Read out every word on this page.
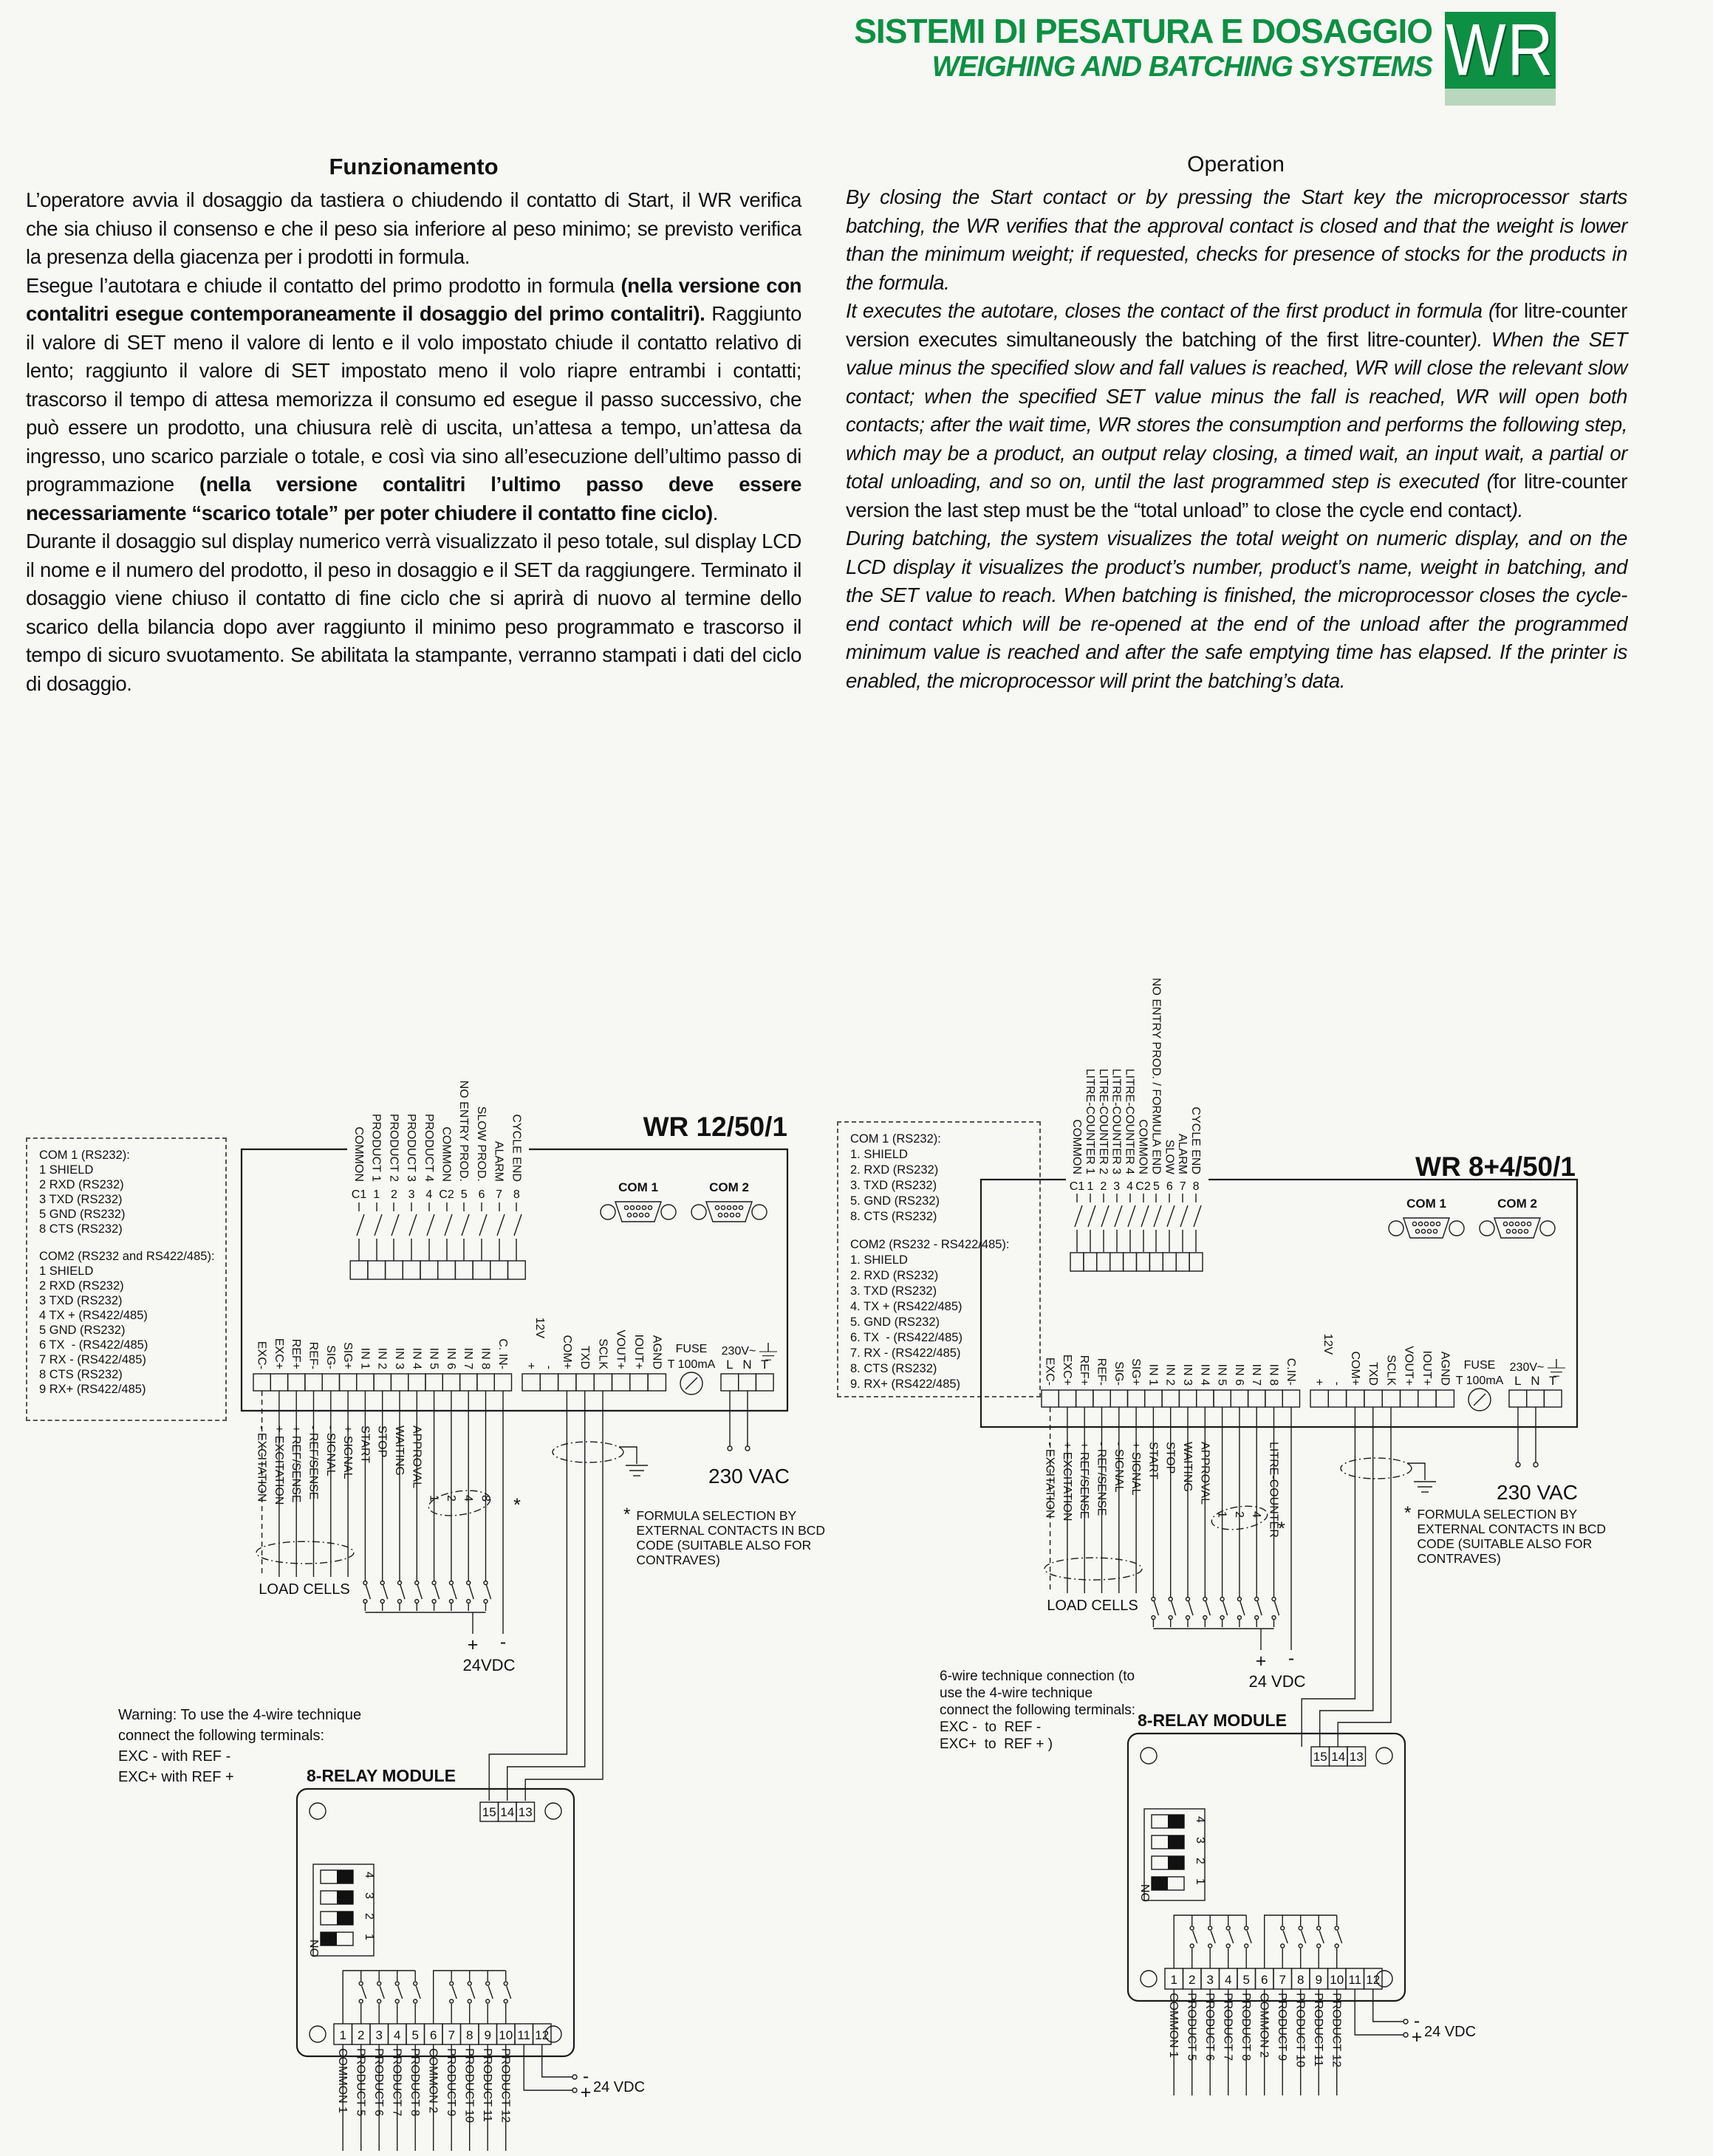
SISTEMI DI PESATURA E DOSAGGIO
WEIGHING AND BATCHING SYSTEMS WR
Funzionamento	Operation

L’operatore avvia il dosaggio da tastiera o chiudendo il contatto di Start, il WR verifica che sia chiuso il consenso e che il peso sia inferiore al peso minimo; se previsto verifica la presenza della giacenza per i prodotti in formula.

Esegue l’autotara e chiude il contatto del primo prodotto in formula (nella versione con contalitri esegue contemporaneamente il dosaggio del primo contalitri). Raggiunto il valore di SET meno il valore di lento e il volo impostato chiude il contatto relativo di lento; raggiunto il valore di SET impostato meno il volo riapre entrambi i contatti; trascorso il tempo di attesa memorizza il consumo ed esegue il passo successivo, che può essere un prodotto, una chiusura relè di uscita, un’attesa a tempo, un’attesa da ingresso, uno scarico parziale o totale, e così via sino all’esecuzione dell’ultimo passo di programmazione (nella versione contalitri l’ultimo passo deve essere necessariamente “scarico totale” per poter chiudere il contatto fine ciclo).

Durante il dosaggio sul display numerico verrà visualizzato il peso totale, sul display LCD il nome e il numero del prodotto, il peso in dosaggio e il SET da raggiungere. Terminato il dosaggio viene chiuso il contatto di fine ciclo che si aprirà di nuovo al termine dello scarico della bilancia dopo aver raggiunto il minimo peso programmato e trascorso il tempo di sicuro svuotamento. Se abilitata la stampante, verranno stampati i dati del ciclo di dosaggio.

By closing the Start contact or by pressing the Start key the microprocessor starts batching, the WR verifies that the approval contact is closed and that the weight is lower than the minimum weight; if requested, checks for presence of stocks for the products in the formula.

It executes the autotare, closes the contact of the first product in formula (for litre-counter version executes simultaneously the batching of the first litre-counter). When the SET value minus the specified slow and fall values is reached, WR will close the relevant slow contact; when the specified SET value minus the fall is reached, WR will open both contacts; after the wait time, WR stores the consumption and performs the following step, which may be a product, an output relay closing, a timed wait, an input wait, a partial or total unloading, and so on, until the last programmed step is executed (for litre-counter version the last step must be the “total unload” to close the cycle end contact).

During batching, the system visualizes the total weight on numeric display, and on the LCD display it visualizes the product’s number, product’s name, weight in batching, and the SET value to reach. When batching is finished, the microprocessor closes the cycle-end contact which will be re-opened at the end of the unload after the programmed minimum value is reached and after the safe emptying time has elapsed. If the printer is enabled, the microprocessor will print the batching’s data.

COM 1 (RS232):
1 SHIELD
2 RXD (RS232)
3 TXD (RS232)
5 GND (RS232)
8 CTS (RS232)
COM2 (RS232 and RS422/485):
1 SHIELD
2 RXD (RS232)
3 TXD (RS232)
4 TX + (RS422/485)
5 GND (RS232)
6 TX  - (RS422/485)
7 RX - (RS422/485)
8 CTS (RS232)
9 RX+ (RS422/485)
COM 1 (RS232):
1. SHIELD
2. RXD (RS232)
3. TXD (RS232)
5. GND (RS232)
8. CTS (RS232)
COM2 (RS232 - RS422/485):
1. SHIELD
2. RXD (RS232)
3. TXD (RS232)
4. TX + (RS422/485)
5. GND (RS232)
6. TX  - (RS422/485)
7. RX - (RS422/485)
8. CTS (RS232)
9. RX+ (RS422/485)

Warning: To use the 4-wire technique
connect the following terminals:
EXC - with REF -
EXC+ with REF +

6-wire technique connection (to
use the 4-wire technique
connect the following terminals:
EXC -  to  REF -
EXC+  to  REF + )

* FORMULA SELECTION BY
EXTERNAL CONTACTS IN BCD
CODE (SUITABLE ALSO FOR
CONTRAVES)
* FORMULA SELECTION BY
EXTERNAL CONTACTS IN BCD
CODE (SUITABLE ALSO FOR
CONTRAVES)
WR 12/50/1
COMMON PRODUCT 1 PRODUCT 2 PRODUCT 3 PRODUCT 4 COMMON NO ENTRY PROD. SLOW PROD. ALARM CYCLE END
C1 1 2 3 4 C2 5 6 7 8
COM 1	COM 2
EXC- EXC+ REF+ REF- SIG- SIG+ IN 1 IN 2 IN 3 IN 4 IN 5 IN 6 IN 7 IN 8 C. IN- + - COM+ TXD SCLK VOUT+ IOUT+ AGND
12V
L N T
230V~
FUSE
T 100mA
230 VAC
LOAD CELLS
+ -
24VDC
- EXCITATION + EXCITATION + REF/SENSE - REF/SENSE - SIGNAL + SIGNAL START STOP WAITING APPROVAL
1 2 4 8 *
8-RELAY MODULE
15 14 13
4
3
2
1
ON
1 2 3 4 5 6 7 8 9 10 11 12
COMMON 1 PRODUCT 5 PRODUCT 6 PRODUCT 7 PRODUCT 8 COMMON 2 PRODUCT 9 PRODUCT 10 PRODUCT 11 PRODUCT 12	-
+ 24 VDC
WR 8+4/50/1
COMMON LITRE-COUNTER 1 LITRE-COUNTER 2 LITRE-COUNTER 3 LITRE-COUNTER 4 COMMON NO ENTRY PROD. / FORMULA END SLOW ALARM CYCLE END
C1 1 2 3 4 C2 5 6 7 8
COM 1	COM 2
EXC- EXC+ REF+ REF- SIG- SIG+ IN 1 IN 2 IN 3 IN 4 IN 5 IN 6 IN 7 IN 8 C.IN- + - COM+ TXD SCLK VOUT+ IOUT+ AGND
12V
L N T
230V~
FUSE
T 100mA
230 VAC
LOAD CELLS
+ -
24 VDC
- EXCITATION + EXCITATION + REF/SENSE - REF/SENSE - SIGNAL + SIGNAL START STOP WAITING APPROVAL
1 2 4
*
LITRE-COUNTER
8-RELAY MODULE
15 14 13
4
3
2
1
ON
1 2 3 4 5 6 7 8 9 10 11 12
COMMON 1 PRODUCT 5 PRODUCT 6 PRODUCT 7 PRODUCT 8 COMMON 2 PRODUCT 9 PRODUCT 10 PRODUCT 11 PRODUCT 12	-
+ 24 VDC
